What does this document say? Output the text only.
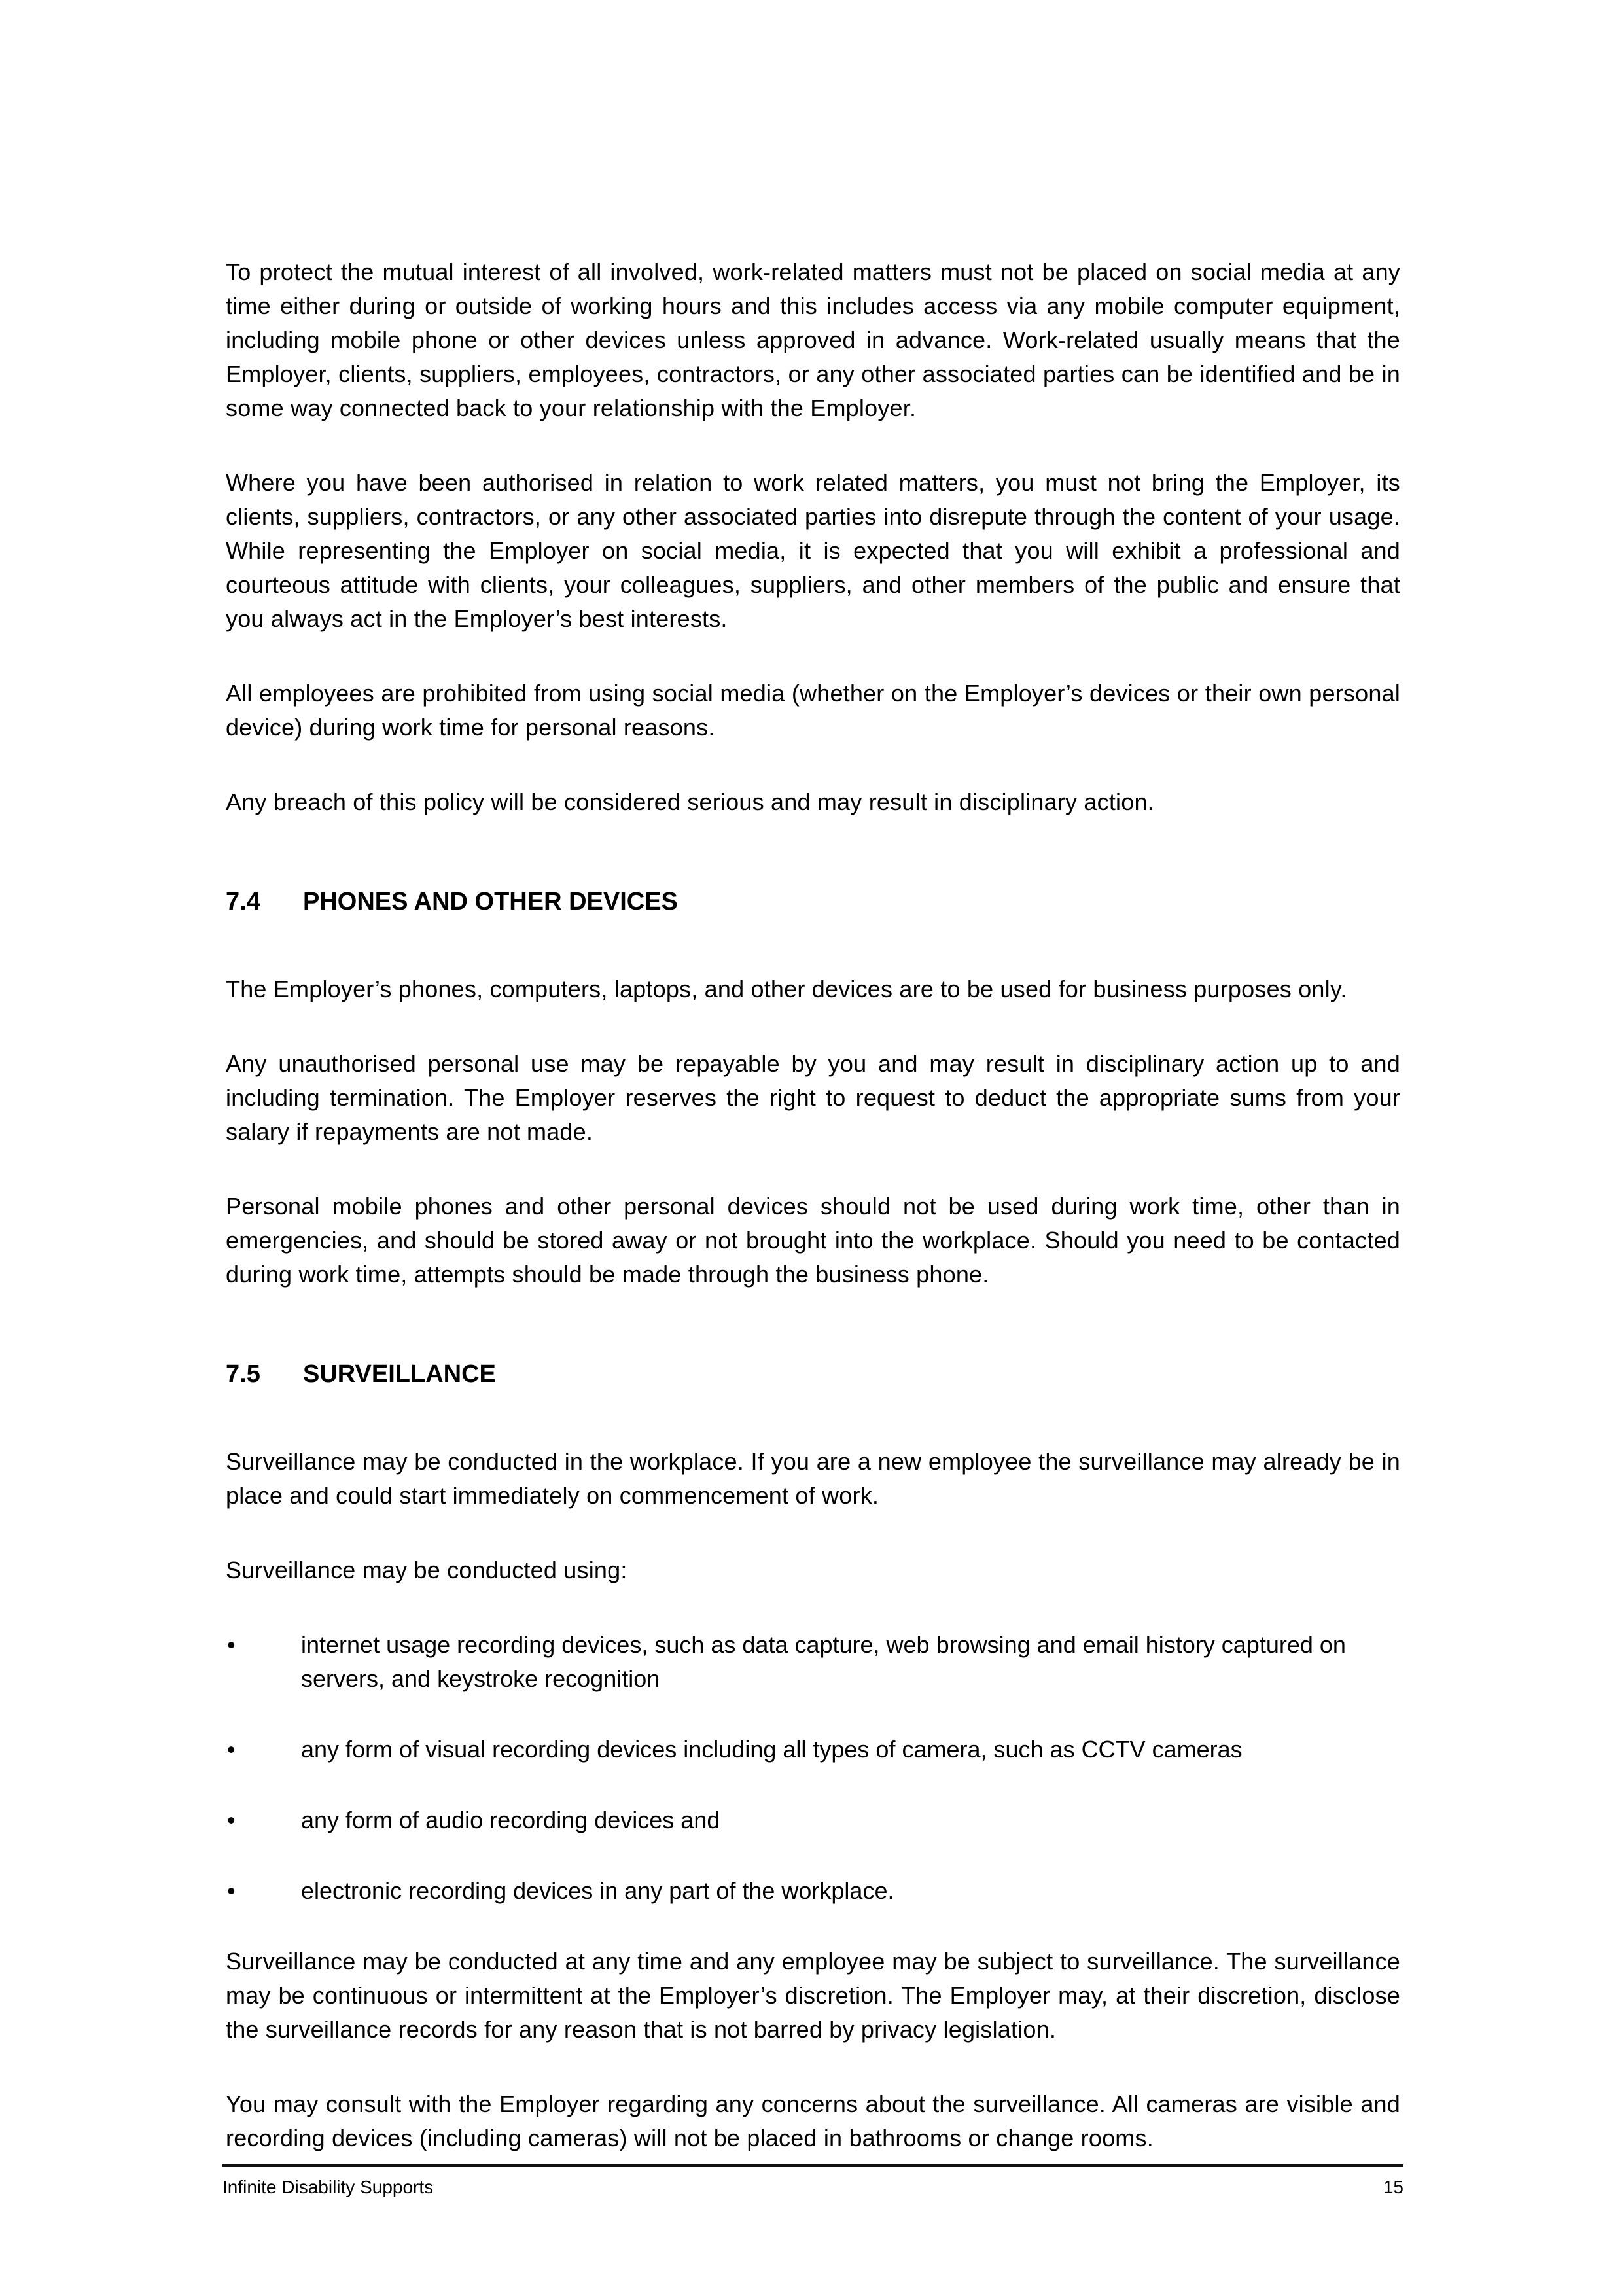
To protect the mutual interest of all involved, work-related matters must not be placed on social media at any time either during or outside of working hours and this includes access via any mobile computer equipment, including mobile phone or other devices unless approved in advance. Work-related usually means that the Employer, clients, suppliers, employees, contractors, or any other associated parties can be identified and be in some way connected back to your relationship with the Employer.

Where you have been authorised in relation to work related matters, you must not bring the Employer, its clients, suppliers, contractors, or any other associated parties into disrepute through the content of your usage. While representing the Employer on social media, it is expected that you will exhibit a professional and courteous attitude with clients, your colleagues, suppliers, and other members of the public and ensure that you always act in the Employer’s best interests.

All employees are prohibited from using social media (whether on the Employer’s devices or their own personal device) during work time for personal reasons.

Any breach of this policy will be considered serious and may result in disciplinary action.

7.4	PHONES AND OTHER DEVICES

The Employer’s phones, computers, laptops, and other devices are to be used for business purposes only.

Any unauthorised personal use may be repayable by you and may result in disciplinary action up to and including termination. The Employer reserves the right to request to deduct the appropriate sums from your salary if repayments are not made.

Personal mobile phones and other personal devices should not be used during work time, other than in emergencies, and should be stored away or not brought into the workplace. Should you need to be contacted during work time, attempts should be made through the business phone.

7.5	SURVEILLANCE

Surveillance may be conducted in the workplace. If you are a new employee the surveillance may already be in place and could start immediately on commencement of work.

Surveillance may be conducted using:

•	internet usage recording devices, such as data capture, web browsing and email history captured on servers, and keystroke recognition
•	any form of visual recording devices including all types of camera, such as CCTV cameras
•	any form of audio recording devices and
•	electronic recording devices in any part of the workplace.

Surveillance may be conducted at any time and any employee may be subject to surveillance. The surveillance may be continuous or intermittent at the Employer’s discretion. The Employer may, at their discretion, disclose the surveillance records for any reason that is not barred by privacy legislation.

You may consult with the Employer regarding any concerns about the surveillance. All cameras are visible and recording devices (including cameras) will not be placed in bathrooms or change rooms.

Infinite Disability Supports	15
